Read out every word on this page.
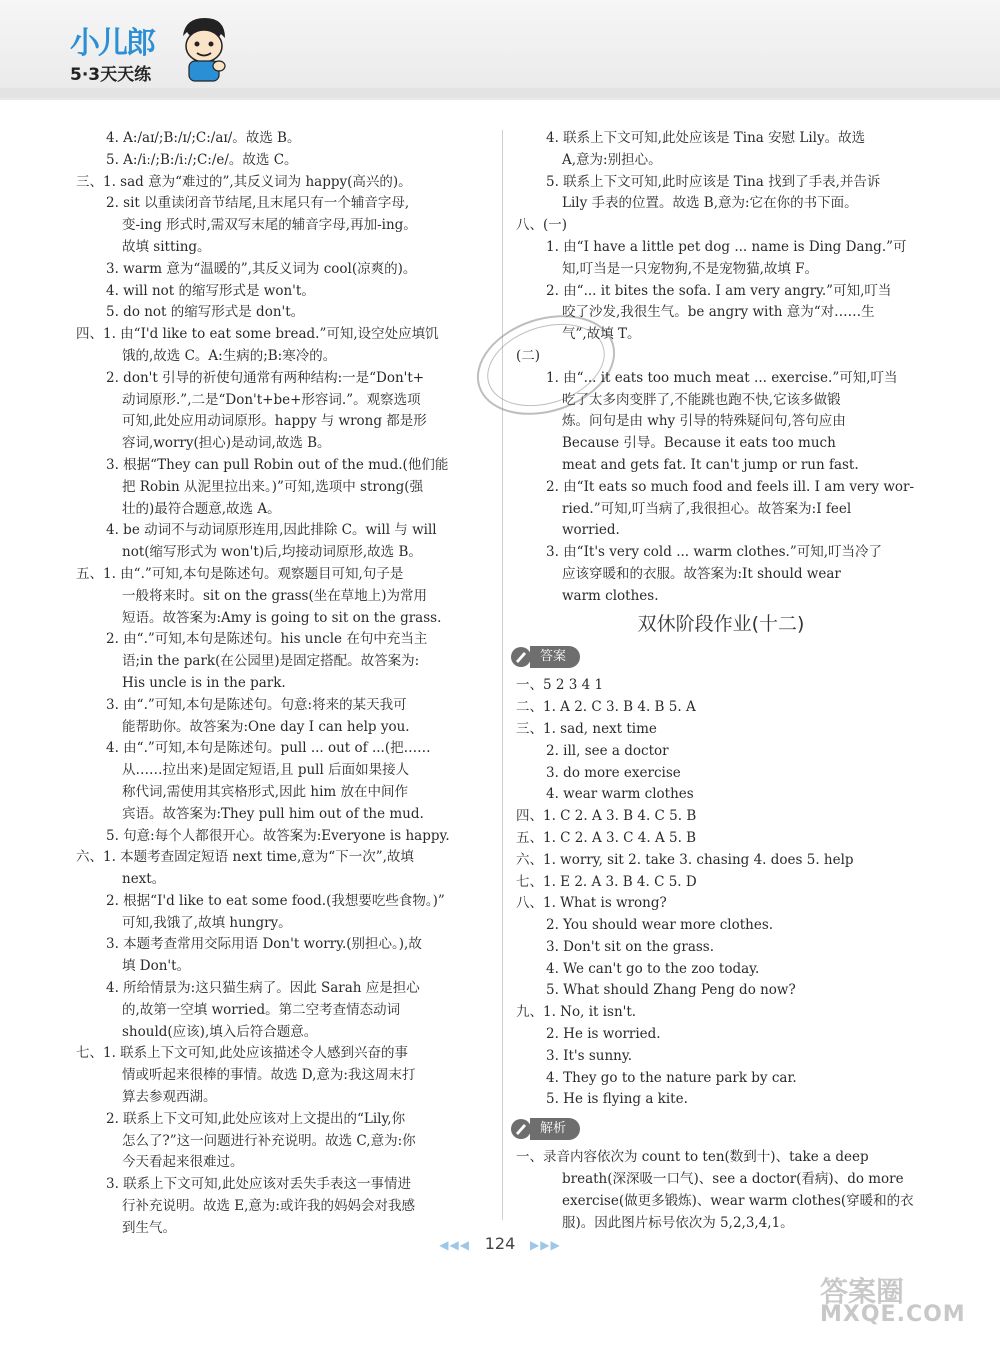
小儿郎
5·3天天练
4. A:/aɪ/;B:/ɪ/;C:/aɪ/。故选 B。
5. A:/iː/;B:/iː/;C:/e/。故选 C。
三、1. sad 意为“难过的”,其反义词为 happy(高兴的)。
2. sit 以重读闭音节结尾,且末尾只有一个辅音字母,
变-ing 形式时,需双写末尾的辅音字母,再加-ing。
故填 sitting。
3. warm 意为“温暖的”,其反义词为 cool(凉爽的)。
4. will not 的缩写形式是 won't。
5. do not 的缩写形式是 don't。
四、1. 由“I'd like to eat some bread.”可知,设空处应填饥
饿的,故选 C。A:生病的;B:寒冷的。
2. don't 引导的祈使句通常有两种结构:一是“Don't+
动词原形.”,二是“Don't+be+形容词.”。观察选项
可知,此处应用动词原形。happy 与 wrong 都是形
容词,worry(担心)是动词,故选 B。
3. 根据“They can pull Robin out of the mud.(他们能
把 Robin 从泥里拉出来。)”可知,选项中 strong(强
壮的)最符合题意,故选 A。
4. be 动词不与动词原形连用,因此排除 C。will 与 will
not(缩写形式为 won't)后,均接动词原形,故选 B。
五、1. 由“.”可知,本句是陈述句。观察题目可知,句子是
一般将来时。sit on the grass(坐在草地上)为常用
短语。故答案为:Amy is going to sit on the grass.
2. 由“.”可知,本句是陈述句。his uncle 在句中充当主
语;in the park(在公园里)是固定搭配。故答案为:
His uncle is in the park.
3. 由“.”可知,本句是陈述句。句意:将来的某天我可
能帮助你。故答案为:One day I can help you.
4. 由“.”可知,本句是陈述句。pull ... out of ...(把……
从……拉出来)是固定短语,且 pull 后面如果接人
称代词,需使用其宾格形式,因此 him 放在中间作
宾语。故答案为:They pull him out of the mud.
5. 句意:每个人都很开心。故答案为:Everyone is happy.
六、1. 本题考查固定短语 next time,意为“下一次”,故填
next。
2. 根据“I'd like to eat some food.(我想要吃些食物。)”
可知,我饿了,故填 hungry。
3. 本题考查常用交际用语 Don't worry.(别担心。),故
填 Don't。
4. 所给情景为:这只猫生病了。因此 Sarah 应是担心
的,故第一空填 worried。第二空考查情态动词
should(应该),填入后符合题意。
七、1. 联系上下文可知,此处应该描述令人感到兴奋的事
情或听起来很棒的事情。故选 D,意为:我这周末打
算去参观西湖。
2. 联系上下文可知,此处应该对上文提出的“Lily,你
怎么了?”这一问题进行补充说明。故选 C,意为:你
今天看起来很难过。
3. 联系上下文可知,此处应该对丢失手表这一事情进
行补充说明。故选 E,意为:或许我的妈妈会对我感
到生气。
4. 联系上下文可知,此处应该是 Tina 安慰 Lily。故选
A,意为:别担心。
5. 联系上下文可知,此时应该是 Tina 找到了手表,并告诉
Lily 手表的位置。故选 B,意为:它在你的书下面。
八、(一)
1. 由“I have a little pet dog ... name is Ding Dang.”可
知,叮当是一只宠物狗,不是宠物猫,故填 F。
2. 由“... it bites the sofa. I am very angry.”可知,叮当
咬了沙发,我很生气。be angry with 意为“对……生
气”,故填 T。
(二)
1. 由“... it eats too much meat ... exercise.”可知,叮当
吃了太多肉变胖了,不能跳也跑不快,它该多做锻
炼。问句是由 why 引导的特殊疑问句,答句应由
Because 引导。Because it eats too much
meat and gets fat. It can't jump or run fast.
2. 由“It eats so much food and feels ill. I am very wor-
ried.”可知,叮当病了,我很担心。故答案为:I feel
worried.
3. 由“It's very cold ... warm clothes.”可知,叮当冷了
应该穿暖和的衣服。故答案为:It should wear
warm clothes.
双休阶段作业(十二)
答案
一、5 2 3 4 1
二、1. A 2. C 3. B 4. B 5. A
三、1. sad, next time
2. ill, see a doctor
3. do more exercise
4. wear warm clothes
四、1. C 2. A 3. B 4. C 5. B
五、1. C 2. A 3. C 4. A 5. B
六、1. worry, sit 2. take 3. chasing 4. does 5. help
七、1. E 2. A 3. B 4. C 5. D
八、1. What is wrong?
2. You should wear more clothes.
3. Don't sit on the grass.
4. We can't go to the zoo today.
5. What should Zhang Peng do now?
九、1. No, it isn't.
2. He is worried.
3. It's sunny.
4. They go to the nature park by car.
5. He is flying a kite.
解析
一、录音内容依次为 count to ten(数到十)、take a deep
breath(深深吸一口气)、see a doctor(看病)、do more
exercise(做更多锻炼)、wear warm clothes(穿暖和的衣
服)。因此图片标号依次为 5,2,3,4,1。
◀◀◀ 124 ▶▶▶
答案圈
MXQE.COM
